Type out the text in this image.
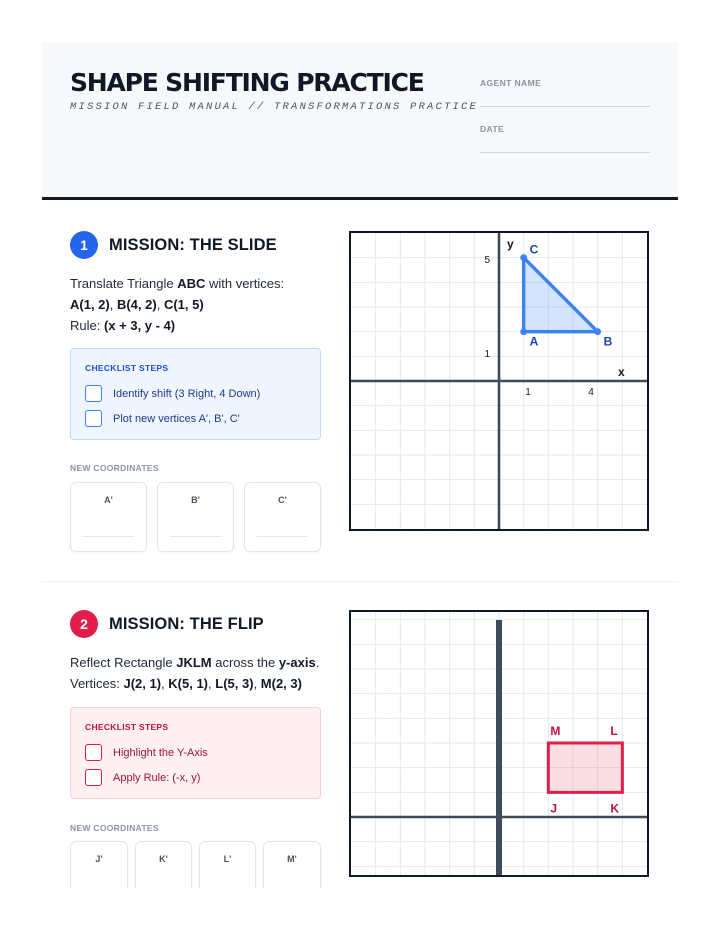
SHAPE SHIFTING PRACTICE
MISSION FIELD MANUAL // TRANSFORMATIONS PRACTICE
AGENT NAME
DATE
1	MISSION: THE SLIDE
Translate Triangle ABC with vertices:
A(1, 2), B(4, 2), C(1, 5)
Rule: (x + 3, y - 4)
CHECKLIST STEPS
Identify shift (3 Right, 4 Down)
Plot new vertices A', B', C'
NEW COORDINATES
A'	B'	C'
x
y
5
1
1	4
A	B
C
2	MISSION: THE FLIP
Reflect Rectangle JKLM across the y-axis.
Vertices: J(2, 1), K(5, 1), L(5, 3), M(2, 3)
CHECKLIST STEPS
Highlight the Y-Axis
Apply Rule: (-x, y)
NEW COORDINATES
J'	K'	L'	M'
J	K
L
M
